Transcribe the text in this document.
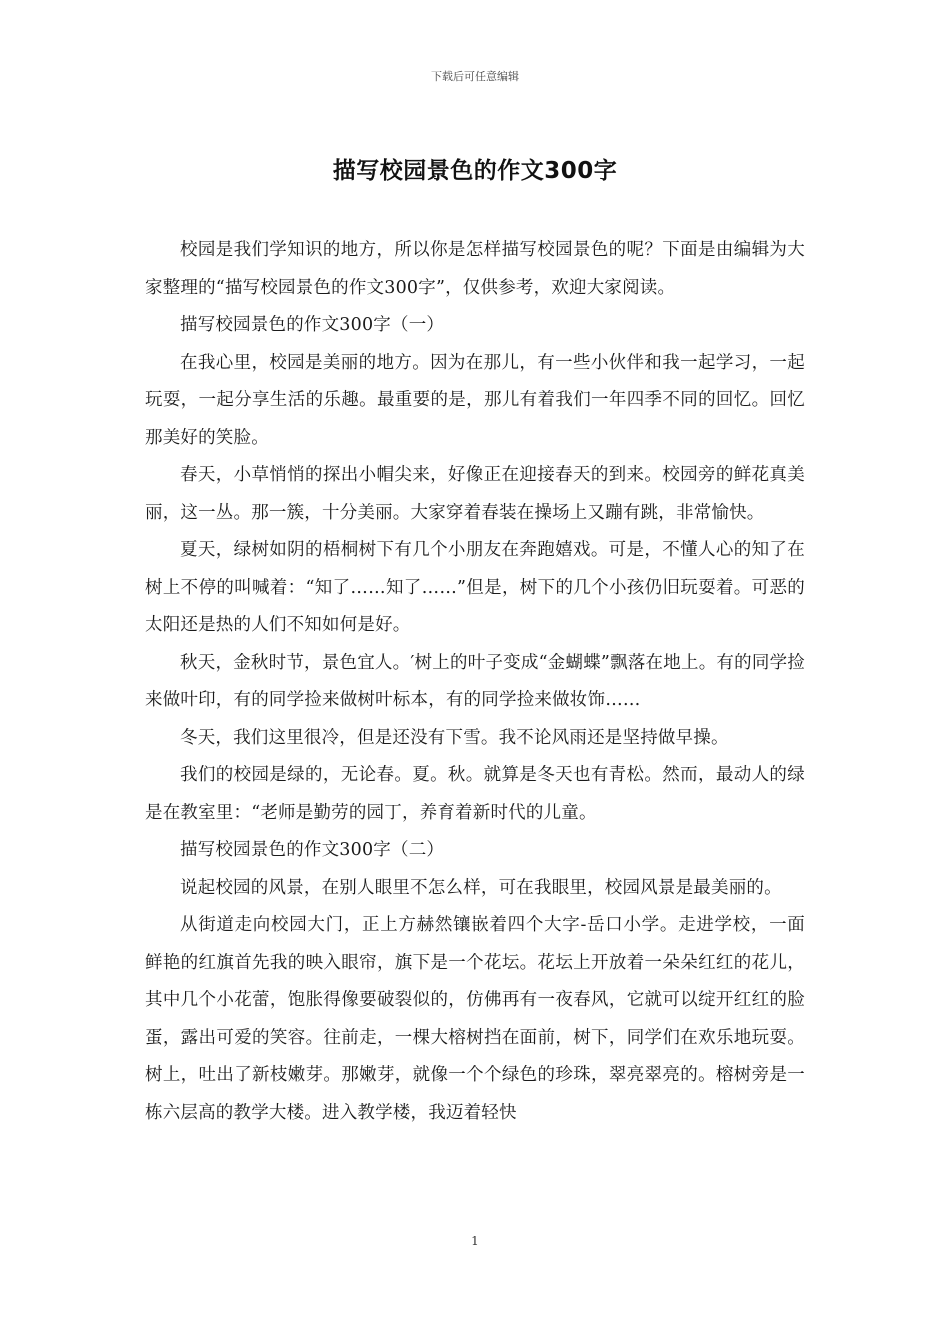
下载后可任意编辑
描写校园景色的作文300字

校园是我们学知识的地方，所以你是怎样描写校园景色的呢？下面是由编辑为大家整理的“描写校园景色的作文300字”，仅供参考，欢迎大家阅读。

描写校园景色的作文300字（一）

在我心里，校园是美丽的地方。因为在那儿，有一些小伙伴和我一起学习，一起玩耍，一起分享生活的乐趣。最重要的是，那儿有着我们一年四季不同的回忆。回忆那美好的笑脸。

春天，小草悄悄的探出小帽尖来，好像正在迎接春天的到来。校园旁的鲜花真美丽，这一丛。那一簇，十分美丽。大家穿着春装在操场上又蹦有跳，非常愉快。

夏天，绿树如阴的梧桐树下有几个小朋友在奔跑嬉戏。可是，不懂人心的知了在树上不停的叫喊着：“知了……知了……”但是，树下的几个小孩仍旧玩耍着。可恶的太阳还是热的人们不知如何是好。

秋天，金秋时节，景色宜人。′树上的叶子变成“金蝴蝶”飘落在地上。有的同学捡来做叶印，有的同学捡来做树叶标本，有的同学捡来做妆饰……

冬天，我们这里很冷，但是还没有下雪。我不论风雨还是坚持做早操。

我们的校园是绿的，无论春。夏。秋。就算是冬天也有青松。然而，最动人的绿是在教室里：“老师是勤劳的园丁，养育着新时代的儿童。

描写校园景色的作文300字（二）

说起校园的风景，在别人眼里不怎么样，可在我眼里，校园风景是最美丽的。

从街道走向校园大门，正上方赫然镶嵌着四个大字-岳口小学。走进学校，一面鲜艳的红旗首先我的映入眼帘，旗下是一个花坛。花坛上开放着一朵朵红红的花儿，其中几个小花蕾，饱胀得像要破裂似的，仿佛再有一夜春风，它就可以绽开红红的脸蛋，露出可爱的笑容。往前走，一棵大榕树挡在面前，树下，同学们在欢乐地玩耍。树上，吐出了新枝嫩芽。那嫩芽，就像一个个绿色的珍珠，翠亮翠亮的。榕树旁是一栋六层高的教学大楼。进入教学楼，我迈着轻快

1
